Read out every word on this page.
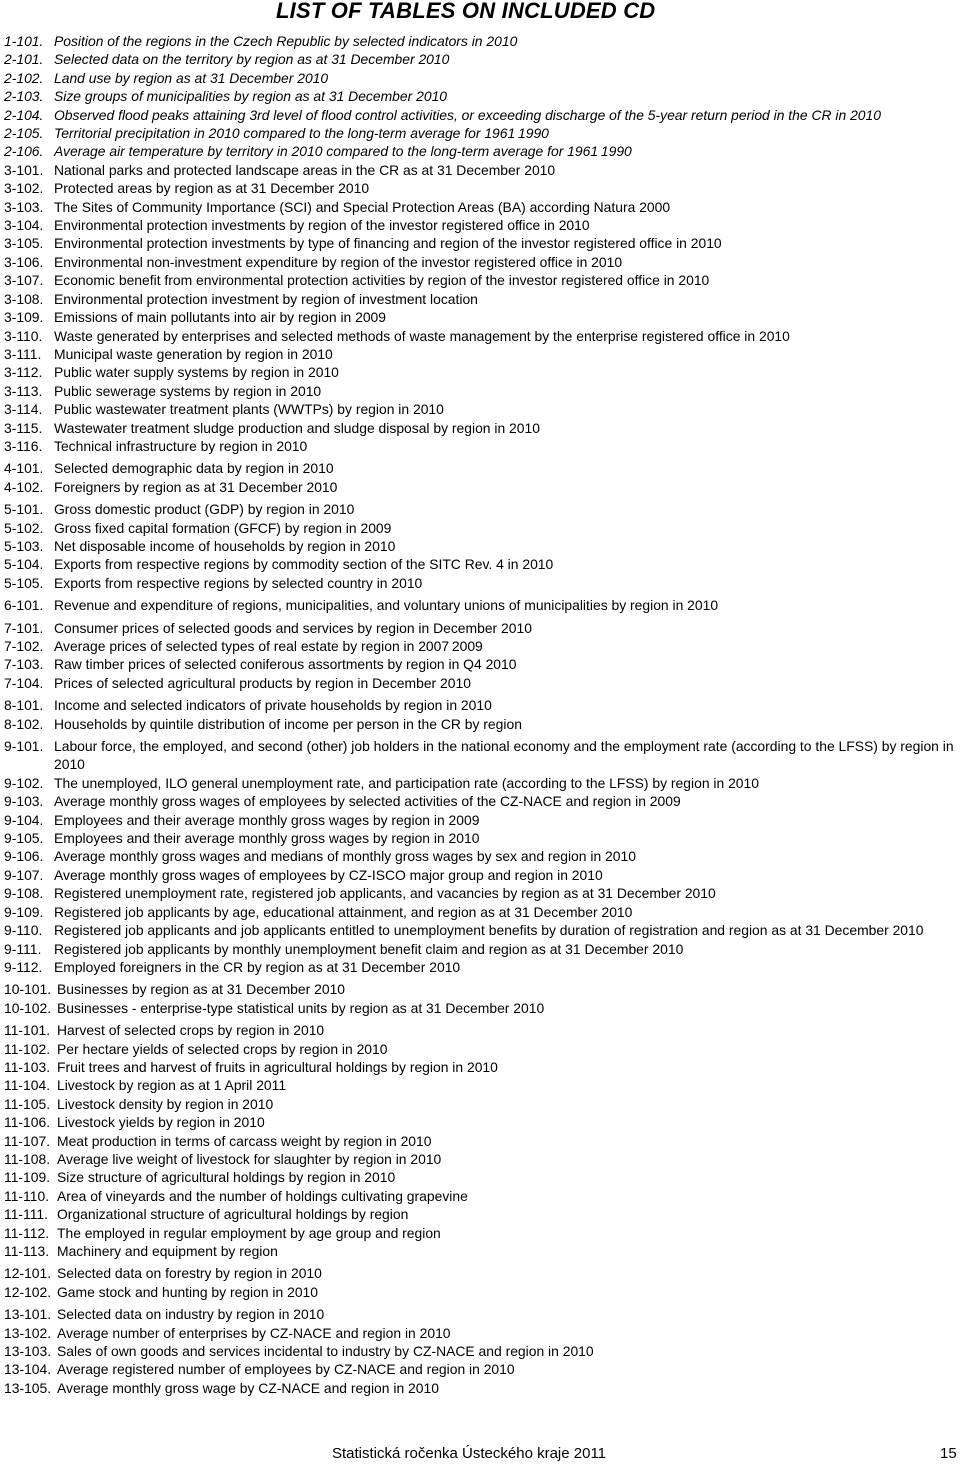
LIST OF TABLES ON INCLUDED CD
1-101. Position of the regions in the Czech Republic by selected indicators in 2010
2-101. Selected data on the territory by region as at 31 December 2010
2-102. Land use by region as at 31 December 2010
2-103. Size groups of municipalities by region as at 31 December 2010
2-104. Observed flood peaks attaining 3rd level of flood control activities, or exceeding discharge of the 5-year return period in the CR in 2010
2-105. Territorial precipitation in 2010 compared to the long-term average for 1961 1990
2-106. Average air temperature by territory in 2010 compared to the long-term average for 1961 1990
3-101. National parks and protected landscape areas in the CR as at 31 December 2010
3-102. Protected areas by region as at 31 December 2010
3-103. The Sites of Community Importance (SCI) and Special Protection Areas (BA) according Natura 2000
3-104. Environmental protection investments by region of the investor registered office in 2010
3-105. Environmental protection investments by type of financing and region of the investor registered office in 2010
3-106. Environmental non-investment expenditure by region of the investor registered office in 2010
3-107. Economic benefit from environmental protection activities by region of the investor registered office in 2010
3-108. Environmental protection investment by region of investment location
3-109. Emissions of main pollutants into air by region in 2009
3-110. Waste generated by enterprises and selected methods of waste management by the enterprise registered office in 2010
3-111. Municipal waste generation by region in 2010
3-112. Public water supply systems by region in 2010
3-113. Public sewerage systems by region in 2010
3-114. Public wastewater treatment plants (WWTPs) by region in 2010
3-115. Wastewater treatment sludge production and sludge disposal by region in 2010
3-116. Technical infrastructure by region in 2010
4-101. Selected demographic data by region in 2010
4-102. Foreigners by region as at 31 December 2010
5-101. Gross domestic product (GDP) by region in 2010
5-102. Gross fixed capital formation (GFCF) by region in 2009
5-103. Net disposable income of households by region in 2010
5-104. Exports from respective regions by commodity section of the SITC Rev. 4 in 2010
5-105. Exports from respective regions by selected country in 2010
6-101. Revenue and expenditure of regions, municipalities, and voluntary unions of municipalities by region in 2010
7-101. Consumer prices of selected goods and services by region in December 2010
7-102. Average prices of selected types of real estate by region in 2007 2009
7-103. Raw timber prices of selected coniferous assortments by region in Q4 2010
7-104. Prices of selected agricultural products by region in December 2010
8-101. Income and selected indicators of private households by region in 2010
8-102. Households by quintile distribution of income per person in the CR by region
9-101. Labour force, the employed, and second (other) job holders in the national economy and the employment rate (according to the LFSS) by region in 2010
9-102. The unemployed, ILO general unemployment rate, and participation rate (according to the LFSS) by region in 2010
9-103. Average monthly gross wages of employees by selected activities of the CZ-NACE and region in 2009
9-104. Employees and their average monthly gross wages by region in 2009
9-105. Employees and their average monthly gross wages by region in 2010
9-106. Average monthly gross wages and medians of monthly gross wages by sex and region in 2010
9-107. Average monthly gross wages of employees by CZ-ISCO major group and region in 2010
9-108. Registered unemployment rate, registered job applicants, and vacancies by region as at 31 December 2010
9-109. Registered job applicants by age, educational attainment, and region as at 31 December 2010
9-110. Registered job applicants and job applicants entitled to unemployment benefits by duration of registration and region as at 31 December 2010
9-111. Registered job applicants by monthly unemployment benefit claim and region as at 31 December 2010
9-112. Employed foreigners in the CR by region as at 31 December 2010
10-101. Businesses by region as at 31 December 2010
10-102. Businesses - enterprise-type statistical units by region as at 31 December 2010
11-101. Harvest of selected crops by region in 2010
11-102. Per hectare yields of selected crops by region in 2010
11-103. Fruit trees and harvest of fruits in agricultural holdings by region in 2010
11-104. Livestock by region as at 1 April 2011
11-105. Livestock density by region in 2010
11-106. Livestock yields by region in 2010
11-107. Meat production in terms of carcass weight by region in 2010
11-108. Average live weight of livestock for slaughter by region in 2010
11-109. Size structure of agricultural holdings by region in 2010
11-110. Area of vineyards and the number of holdings cultivating grapevine
11-111. Organizational structure of agricultural holdings by region
11-112. The employed in regular employment by age group and region
11-113. Machinery and equipment by region
12-101. Selected data on forestry by region in 2010
12-102. Game stock and hunting by region in 2010
13-101. Selected data on industry by region in 2010
13-102. Average number of enterprises by CZ-NACE and region in 2010
13-103. Sales of own goods and services incidental to industry by CZ-NACE and region in 2010
13-104. Average registered number of employees by CZ-NACE and region in 2010
13-105. Average monthly gross wage by CZ-NACE and region in 2010
Statistická ročenka Ústeckého kraje 2011	15
